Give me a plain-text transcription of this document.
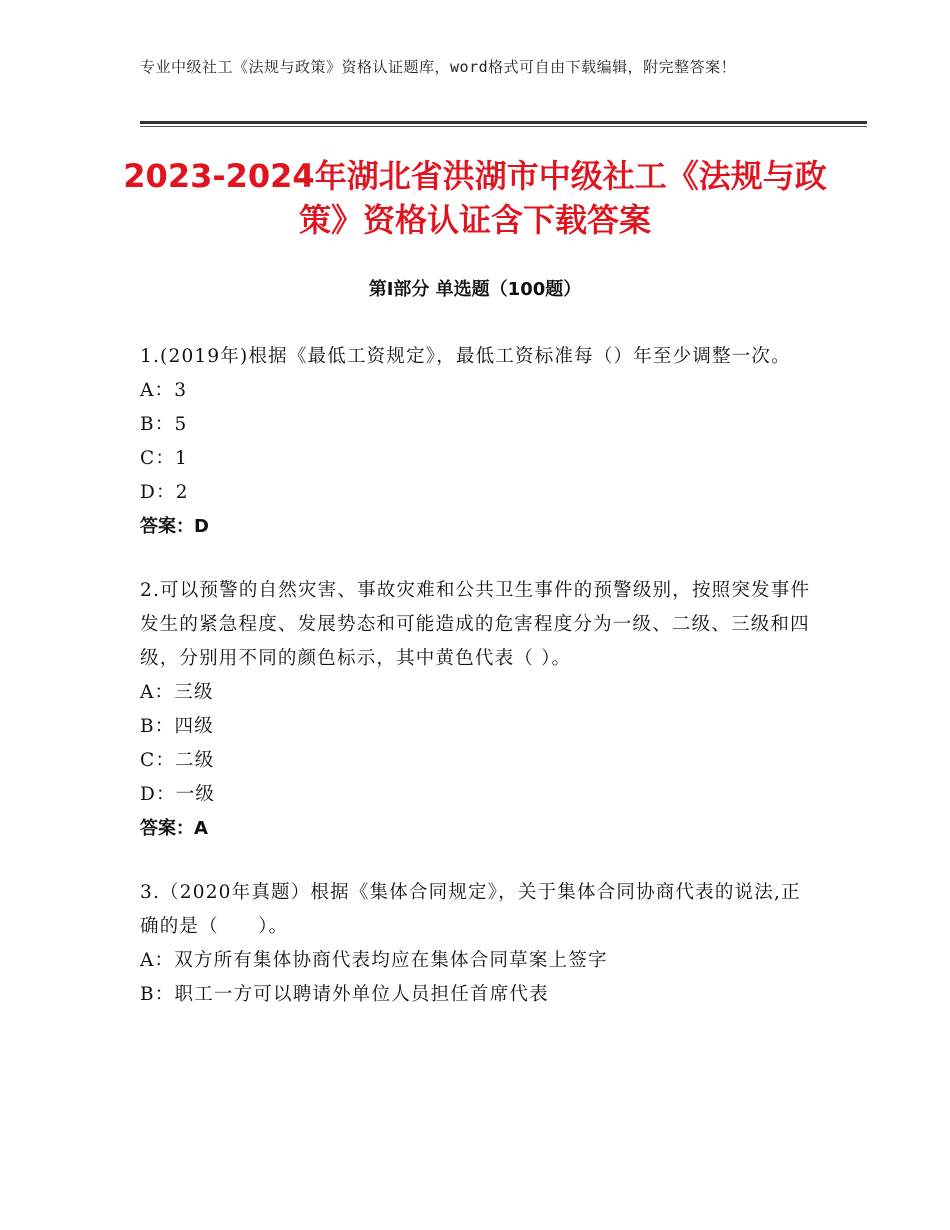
专业中级社工《法规与政策》资格认证题库，word格式可自由下载编辑，附完整答案！
2023-2024年湖北省洪湖市中级社工《法规与政策》资格认证含下载答案
第Ⅰ部分 单选题（100题）
1.(2019年)根据《最低工资规定》，最低工资标准每（）年至少调整一次。
A：3
B：5
C：1
D：2
答案：D
2.可以预警的自然灾害、事故灾难和公共卫生事件的预警级别，按照突发事件发生的紧急程度、发展势态和可能造成的危害程度分为一级、二级、三级和四级，分别用不同的颜色标示，其中黄色代表（ ）。
A：三级
B：四级
C：二级
D：一级
答案：A
3.（2020年真题）根据《集体合同规定》，关于集体合同协商代表的说法,正确的是（　　）。
A：双方所有集体协商代表均应在集体合同草案上签字
B：职工一方可以聘请外单位人员担任首席代表
